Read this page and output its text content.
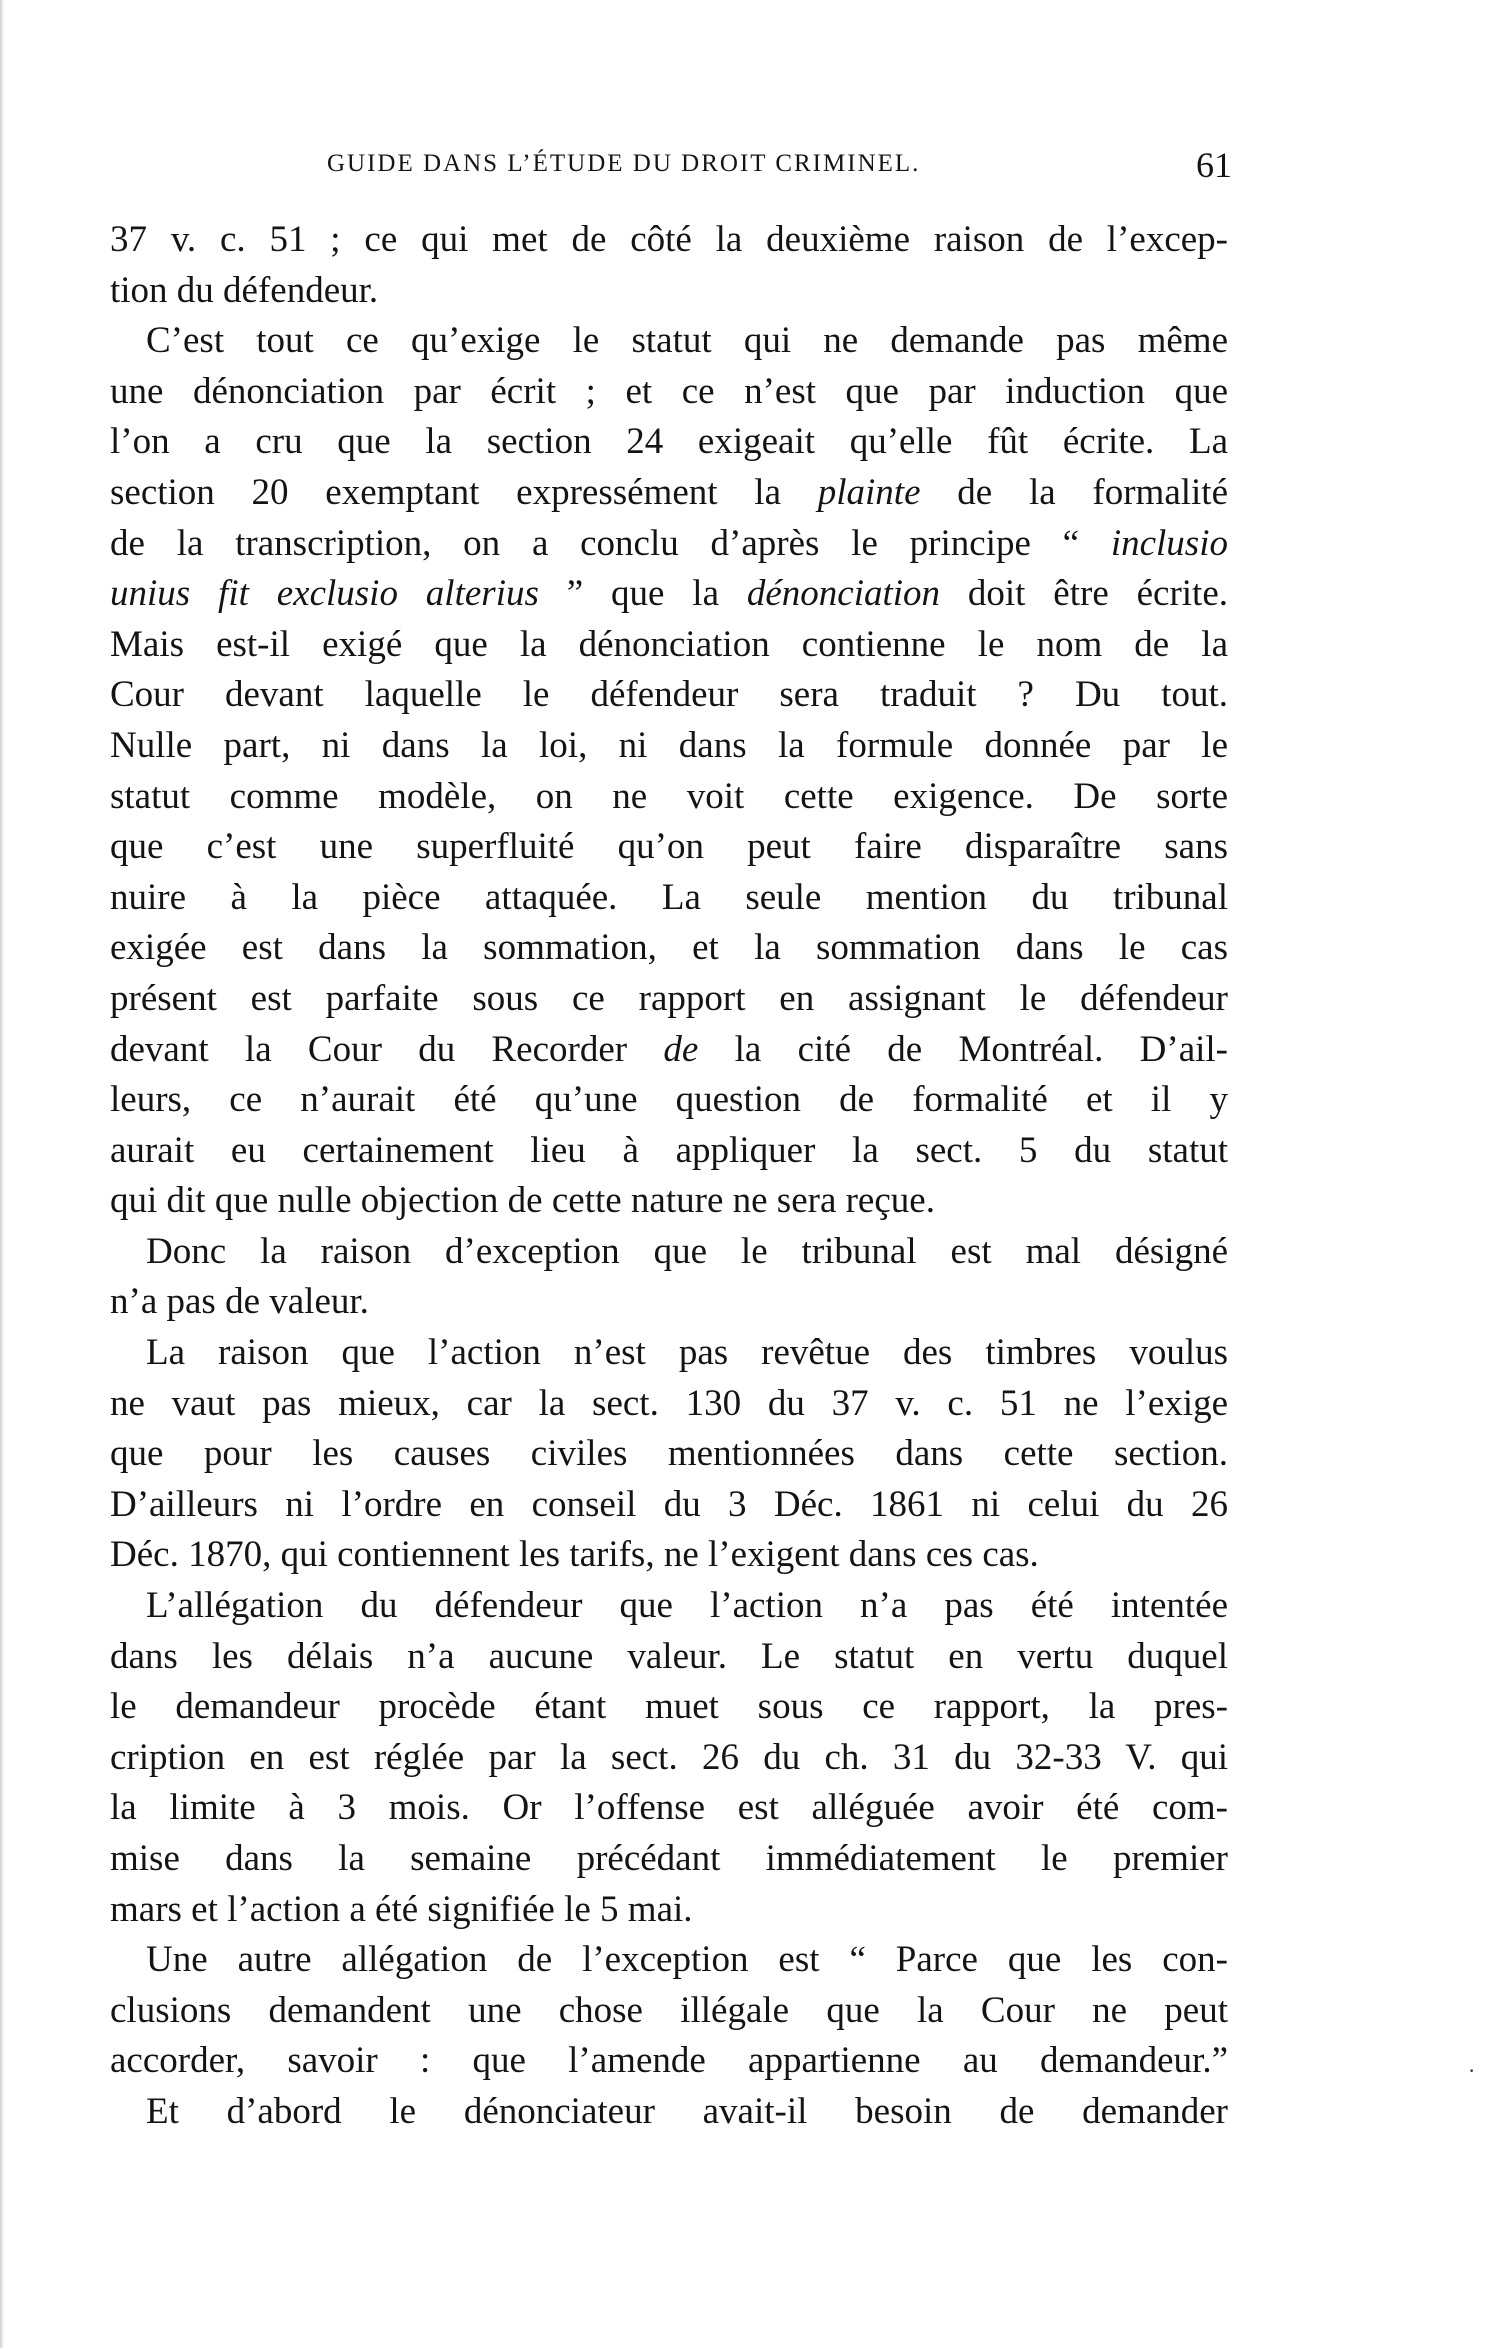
GUIDE DANS L’ÉTUDE DU DROIT CRIMINEL.	61
37 v. c. 51 ; ce qui met de côté la deuxième raison de l’excep-
tion du défendeur.
C’est tout ce qu’exige le statut qui ne demande pas même
une dénonciation par écrit ; et ce n’est que par induction que
l’on a cru que la section 24 exigeait qu’elle fût écrite. La
section 20 exemptant expressément la plainte de la formalité
de la transcription, on a conclu d’après le principe “ inclusio
unius fit exclusio alterius ” que la dénonciation doit être écrite.
Mais est-il exigé que la dénonciation contienne le nom de la
Cour devant laquelle le défendeur sera traduit ? Du tout.
Nulle part, ni dans la loi, ni dans la formule donnée par le
statut comme modèle, on ne voit cette exigence. De sorte
que c’est une superfluité qu’on peut faire disparaître sans
nuire à la pièce attaquée. La seule mention du tribunal
exigée est dans la sommation, et la sommation dans le cas
présent est parfaite sous ce rapport en assignant le défendeur
devant la Cour du Recorder de la cité de Montréal. D’ail-
leurs, ce n’aurait été qu’une question de formalité et il y
aurait eu certainement lieu à appliquer la sect. 5 du statut
qui dit que nulle objection de cette nature ne sera reçue.
Donc la raison d’exception que le tribunal est mal désigné
n’a pas de valeur.
La raison que l’action n’est pas revêtue des timbres voulus
ne vaut pas mieux, car la sect. 130 du 37 v. c. 51 ne l’exige
que pour les causes civiles mentionnées dans cette section.
D’ailleurs ni l’ordre en conseil du 3 Déc. 1861 ni celui du 26
Déc. 1870, qui contiennent les tarifs, ne l’exigent dans ces cas.
L’allégation du défendeur que l’action n’a pas été intentée
dans les délais n’a aucune valeur. Le statut en vertu duquel
le demandeur procède étant muet sous ce rapport, la pres-
cription en est réglée par la sect. 26 du ch. 31 du 32-33 V. qui
la limite à 3 mois. Or l’offense est alléguée avoir été com-
mise dans la semaine précédant immédiatement le premier
mars et l’action a été signifiée le 5 mai.
Une autre allégation de l’exception est “ Parce que les con-
clusions demandent une chose illégale que la Cour ne peut
accorder, savoir : que l’amende appartienne au demandeur.”
Et d’abord le dénonciateur avait-il besoin de demander
·
